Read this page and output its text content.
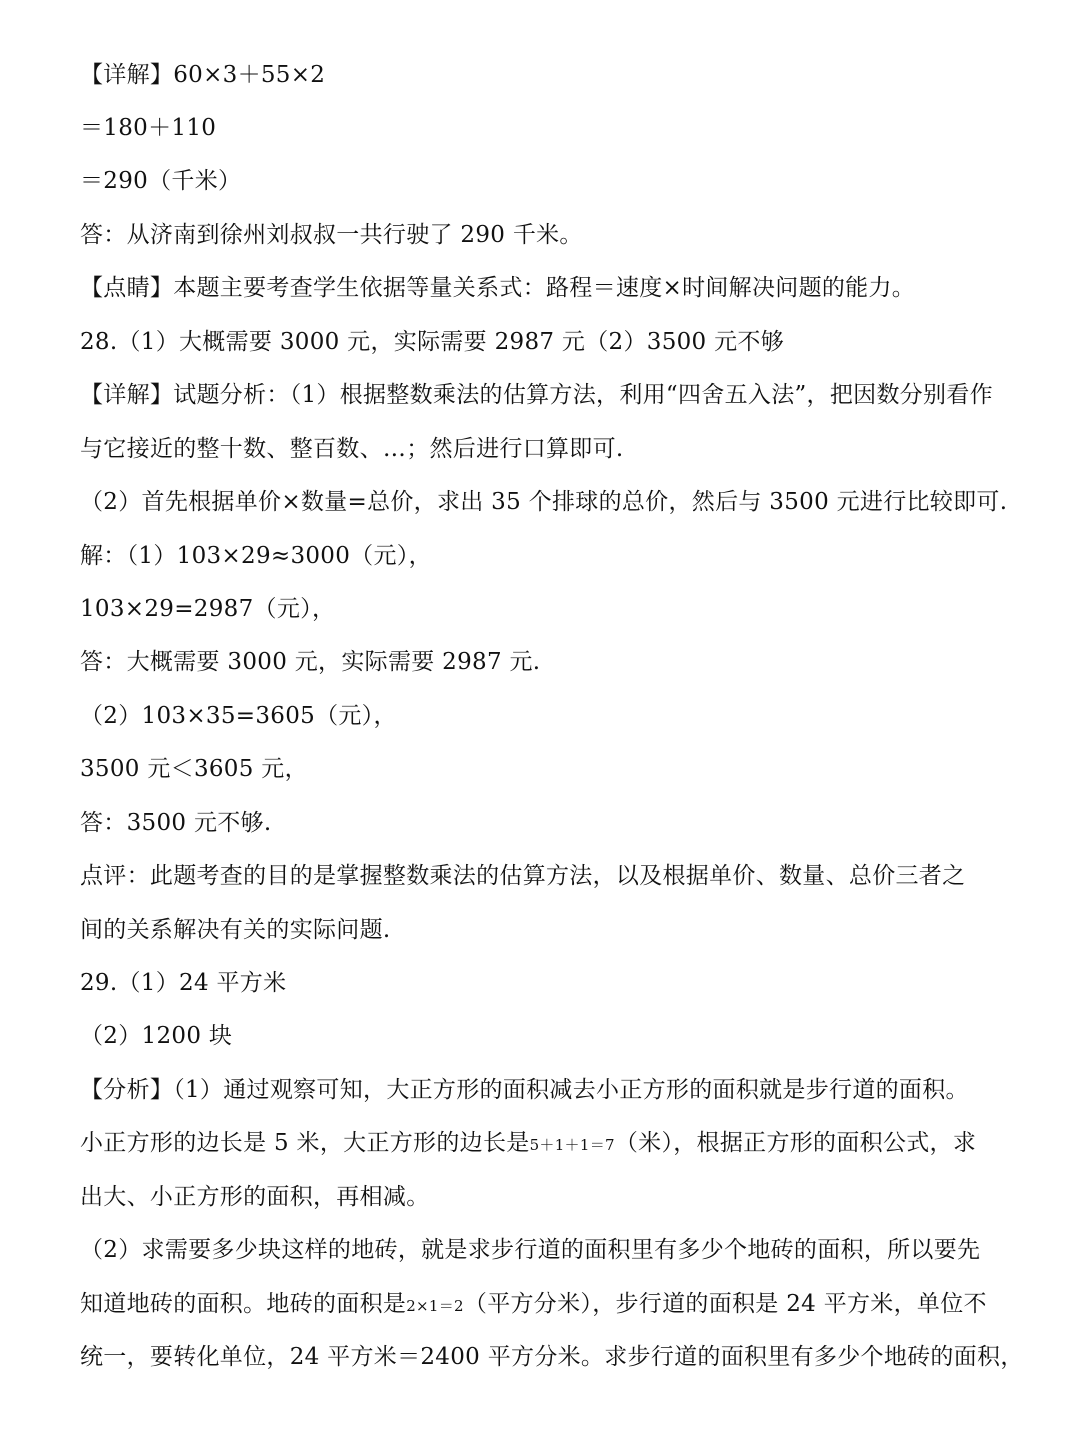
【详解】60×3＋55×2
＝180＋110
＝290（千米）
答：从济南到徐州刘叔叔一共行驶了 290 千米。
【点睛】本题主要考查学生依据等量关系式：路程＝速度×时间解决问题的能力。
28.（1）大概需要 3000 元，实际需要 2987 元（2）3500 元不够
【详解】试题分析：（1）根据整数乘法的估算方法，利用“四舍五入法”，把因数分别看作
与它接近的整十数、整百数、…；然后进行口算即可.
（2）首先根据单价×数量=总价，求出 35 个排球的总价，然后与 3500 元进行比较即可.
解：（1）103×29≈3000（元），
103×29=2987（元），
答：大概需要 3000 元，实际需要 2987 元.
（2）103×35=3605（元），
3500 元＜3605 元，
答：3500 元不够.
点评：此题考查的目的是掌握整数乘法的估算方法，以及根据单价、数量、总价三者之
间的关系解决有关的实际问题.
29.（1）24 平方米
（2）1200 块
【分析】（1）通过观察可知，大正方形的面积减去小正方形的面积就是步行道的面积。
小正方形的边长是 5 米，大正方形的边长是5＋1＋1＝7（米），根据正方形的面积公式，求
出大、小正方形的面积，再相减。
（2）求需要多少块这样的地砖，就是求步行道的面积里有多少个地砖的面积，所以要先
知道地砖的面积。地砖的面积是2×1＝2（平方分米），步行道的面积是 24 平方米，单位不
统一，要转化单位，24 平方米＝2400 平方分米。求步行道的面积里有多少个地砖的面积，
